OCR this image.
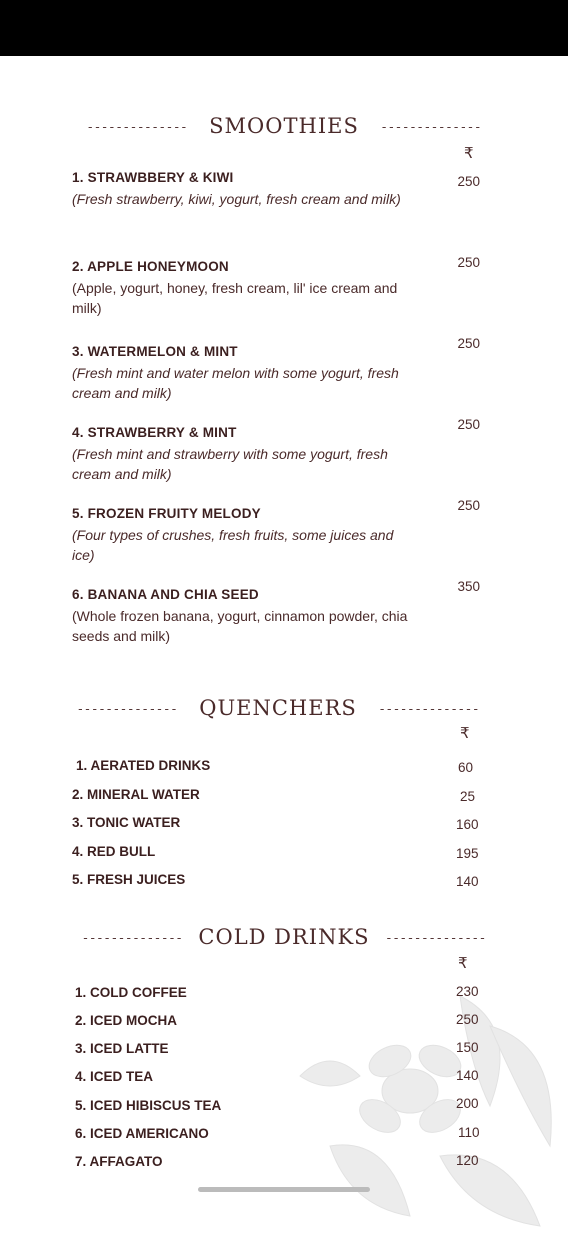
-------------- SMOOTHIES --------------
₹
1. STRAWBBERY & KIWI
(Fresh strawberry, kiwi, yogurt, fresh cream and milk)
250
2. APPLE HONEYMOON
(Apple, yogurt, honey, fresh cream, lil' ice cream and milk)
250
3. WATERMELON & MINT
(Fresh mint and water melon with some yogurt, fresh cream and milk)
250
4. STRAWBERRY & MINT
(Fresh mint and strawberry with some yogurt, fresh cream and milk)
250
5. FROZEN FRUITY MELODY
(Four types of crushes, fresh fruits, some juices and ice)
250
6. BANANA AND CHIA SEED
(Whole frozen banana, yogurt, cinnamon powder, chia seeds and milk)
350
-------------- QUENCHERS --------------
₹
1. AERATED DRINKS	60
2. MINERAL WATER	25
3. TONIC WATER	160
4. RED BULL	195
5. FRESH JUICES	140
-------------- COLD DRINKS --------------
₹
1. COLD COFFEE	230
2. ICED MOCHA	250
3. ICED LATTE	150
4. ICED TEA	140
5. ICED HIBISCUS TEA	200
6. ICED AMERICANO	110
7. AFFAGATO	120
